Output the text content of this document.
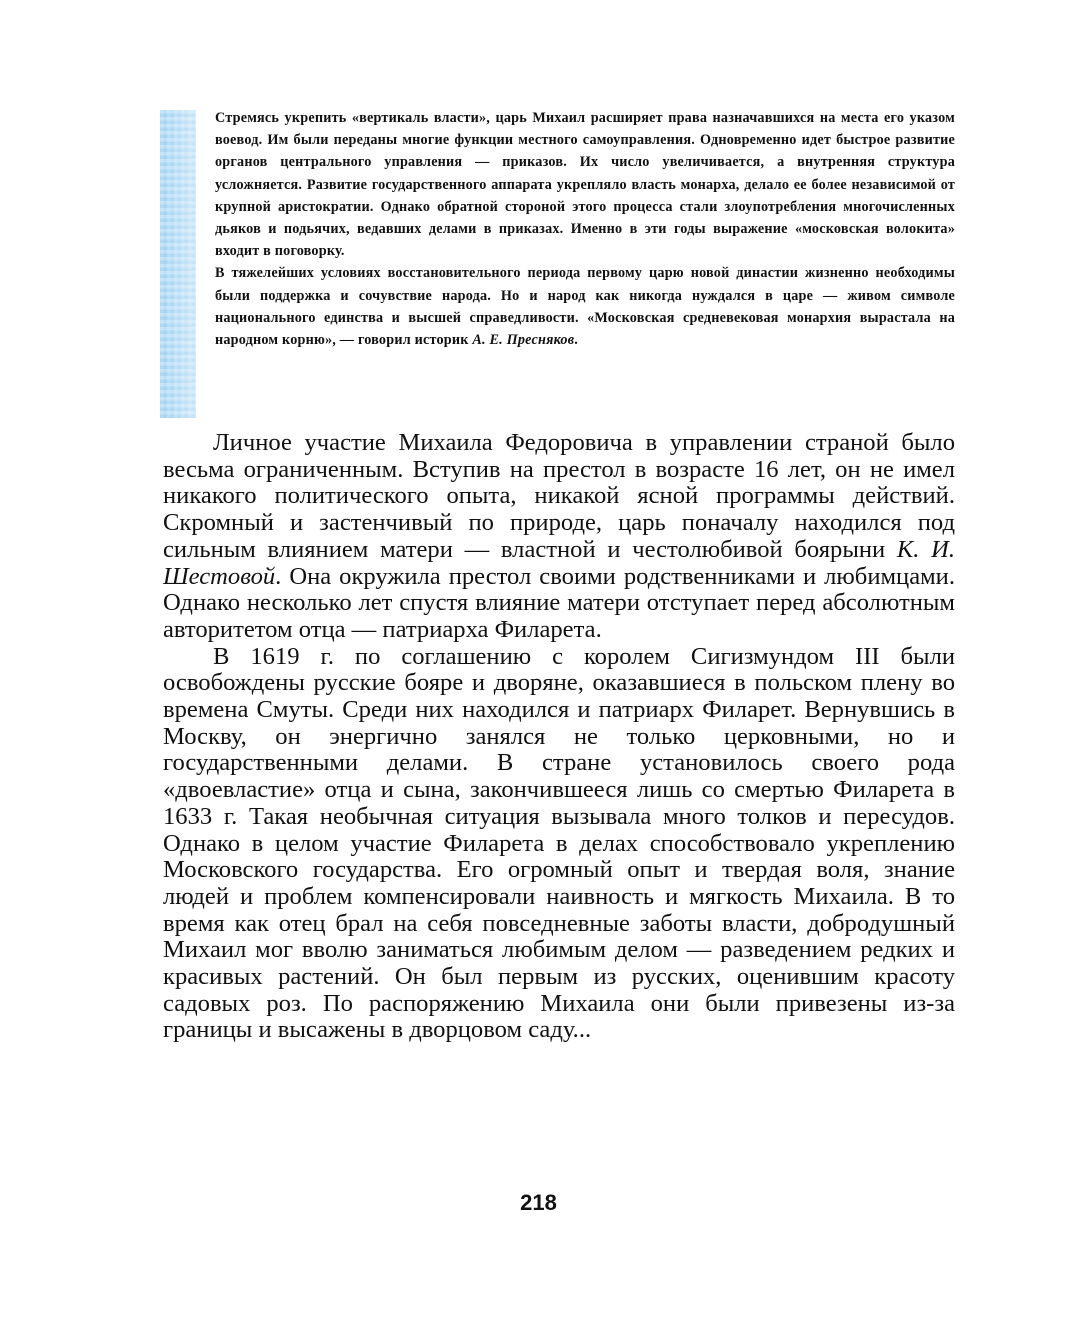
Стремясь укрепить «вертикаль власти», царь Михаил расширяет права назначавшихся на места его указом воевод. Им были переданы многие функции местного самоуправления. Одновременно идет быстрое развитие органов центрального управления — приказов. Их число увеличивается, а внутренняя структура усложняется. Развитие государственного аппарата укрепляло власть монарха, делало ее более независимой от крупной аристократии. Однако обратной стороной этого процесса стали злоупотребления многочисленных дьяков и подьячих, ведавших делами в приказах. Именно в эти годы выражение «московская волокита» входит в поговорку.

В тяжелейших условиях восстановительного периода первому царю новой династии жизненно необходимы были поддержка и сочувствие народа. Но и народ как никогда нуждался в царе — живом символе национального единства и высшей справедливости. «Московская средневековая монархия вырастала на народном корню», — говорил историк А. Е. Пресняков.

Личное участие Михаила Федоровича в управлении страной было весьма ограниченным. Вступив на престол в возрасте 16 лет, он не имел никакого политического опыта, никакой ясной программы действий. Скромный и застенчивый по природе, царь поначалу находился под сильным влиянием матери — властной и честолюбивой боярыни К. И. Шестовой. Она окружила престол своими родственниками и любимцами. Однако несколько лет спустя влияние матери отступает перед абсолютным авторитетом отца — патриарха Филарета.

В 1619 г. по соглашению с королем Сигизмундом III были освобождены русские бояре и дворяне, оказавшиеся в польском плену во времена Смуты. Среди них находился и патриарх Филарет. Вернувшись в Москву, он энергично занялся не только церковными, но и государственными делами. В стране установилось своего рода «двоевластие» отца и сына, закончившееся лишь со смертью Филарета в 1633 г. Такая необычная ситуация вызывала много толков и пересудов. Однако в целом участие Филарета в делах способствовало укреплению Московского государства. Его огромный опыт и твердая воля, знание людей и проблем компенсировали наивность и мягкость Михаила. В то время как отец брал на себя повседневные заботы власти, добродушный Михаил мог вволю заниматься любимым делом — разведением редких и красивых растений. Он был первым из русских, оценившим красоту садовых роз. По распоряжению Михаила они были привезены из-за границы и высажены в дворцовом саду...

218
